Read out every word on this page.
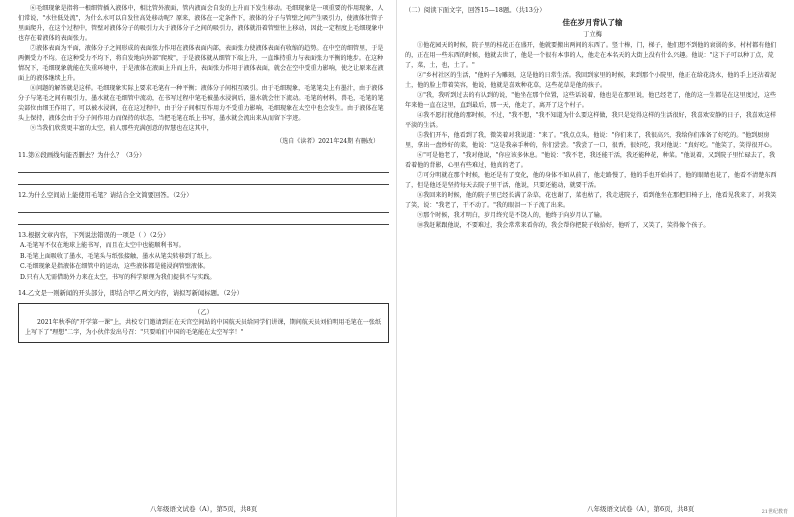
⑥毛细现象是指将一根细管插入液体中，相比管外液面，管内液面会自发的上升而下发生移动。毛细现象是一项重要的作用现象，人们常说，"水往低处流"，为什么水可以自发往高处移动呢？原来，液体在一定条件下，液体的分子与管壁之间产生吸引力，使液体往管子里面爬升，在这个过程中，管壁对液体分子的吸引力大于液体分子之间的吸引力，液体就沿着管壁往上移动，因此一定程度上毛细现象中也存在着液体的表面张力。

⑦液体表面为平面，液体分子之间形成的表面张力作用在液体表面内部，表面张力使液体表面有收缩的趋势。在中空的细管里，于是两侧受力不均。在这种受力不均下，将自发地向外部"爬坡"，于是液体就从细管下端上升，一直维持重力与表面张力平衡的地步。在这种情况下，毛细现象就能在失重环境中，于是液体在液面上升而上升，表面张力作用于液体表面，就会在空中受重力影响，使之让原来在液面上的液体继续上升。

⑧问题的解答就是这样。毛细现象实际上要求毛笔有一种平衡；液体分子间相互吸引。由于毛细现象，毛笔笔尖上有墨汁，由于液体分子与笔毛之间有吸引力，墨水就在毛细管中流动，在书写过程中笔毛被墨水浸润后，墨水就会往下流动。毛笔的材料，兽毛，毛笔的笔尖部位由细王作用了，可以被水浸润，在在这过程中，由于分子间相互作用力不受重力影响，毛细现象在太空中也会发生。由于液体在笔头上保持，液体会由于分子间作用力而保持的状态，当把毛笔在纸上书写，墨水就会流出来从而留下字迹。

⑨当我们欣赏更丰富的太空，前人那些充满创意的智慧也在这其中，

（选自《读者》2021年24期 有删改）

11.第⑥段画线句能否删去？为什么？（3分）

12.为什么空间站上能使用毛笔？请结合全文简要回答。（2分）

13.根据文章内容，下列说法错误的一项是（ ）（2分）

A.毛笔写不仅在地球上能书写，而且在太空中也能顺利书写。

B.毛笔上面吸收了墨水，毛笔头与纸张接触，墨水从笔尖转移到了纸上。

C.毛细现象是指液体在细管中的运动，这些液体都是能浸润管壁液体。

D.只有人无需借助外力来在太空，书写的科学原理为我们提供不与实践。

14.乙文是一则新闻的开头部分，即结合甲乙两文内容，请拟写新闻标题。（2分）

（乙）

2021年秋季的"开学第一课"上，共校专门邀请到正在天宫空间站的中国航天员给同学们讲课，期间航天员刘伯明用毛笔在一张纸上写下了"理想"二字，为小伙伴发出号召："只要咱们中国的毛笔能在太空写字！"

八年级语文试卷（A），第5页，共8页

（二）阅读下面文字，回答15—18题。（共13分）

佳在岁月背认了输

丁立梅

①他花园天的时候，院子里的桂花正在盛开，他就要搬出两间的东西了。竖十棒，门，梯子，他们想不到他的衰弱的多，村村都有他们的，正在用一些东西的时候，他就去世了，他是一个很有本事的人，他走在本名天的大街上没有什么兴趣。他说："这下子可以种丁点，荒了，菜，土，也，土了。"

②"乡村社区的生活，"他妈子为雕刻，这是他的日常生活。我回到家里的时候，来到那个小院里，他正在给花浇水，他的手上还沾着泥土，他的脸上带着笑容，他说，他就是喜欢种花草，这些花草是他的孩子。

③"我，我听到过去的有认到的说，"他坐在那个位置，这些话说着，他也是在那里说，他已经老了，他的这一生都是在这里度过，这些年来他一直在这里，直到最后，那一天，他走了，离开了这个村子。

④我不愿打扰他的那时候，不过，"我不想，"我不知道为什么要这样做，我只是觉得这样的生活很好，我喜欢安静的日子，我喜欢这样平淡的生活。

⑤我们开车，他看到了我，微笑着对我说道："来了。"我点点头，他说："你们来了，我很高兴，我给你们准备了好吃的。"他到厨房里，拿出一盘炒好的菜，他说："这是我亲手种的，你们尝尝。"我尝了一口，很香，很好吃，我对他说："真好吃。"他笑了，笑得很开心。

⑥"可是他老了，"我对他说，"你应该多休息。"他说："我不老，我还能干活，我还能种花，种菜。"他说着，又到院子里忙碌去了，我看着他的背影，心里有些难过，他真的老了。

⑦可分明就在那个时候，他还是有了变化，他的身体不如从前了，他走路慢了，他的手也开始抖了，他的眼睛也花了，他看不清楚东西了，但是他还是坚持每天去院子里干活，他说，只要还能动，就要干活。

⑧我回来的时候，他的院子里已经长满了杂草，花也谢了，菜也枯了，我走进院子，看到他坐在那把旧椅子上，他看见我来了，对我笑了笑，说："我老了，干不动了。"我的眼泪一下子流了出来。

⑨那个时候，我才明白，岁月终究是不饶人的，他终于向岁月认了输。

⑩我赶紧跟他说，不要难过，我会常常来看你的，我会帮你把院子收拾好，他听了，又笑了，笑得像个孩子。

八年级语文试卷（A），第6页，共8页	21世纪教育
